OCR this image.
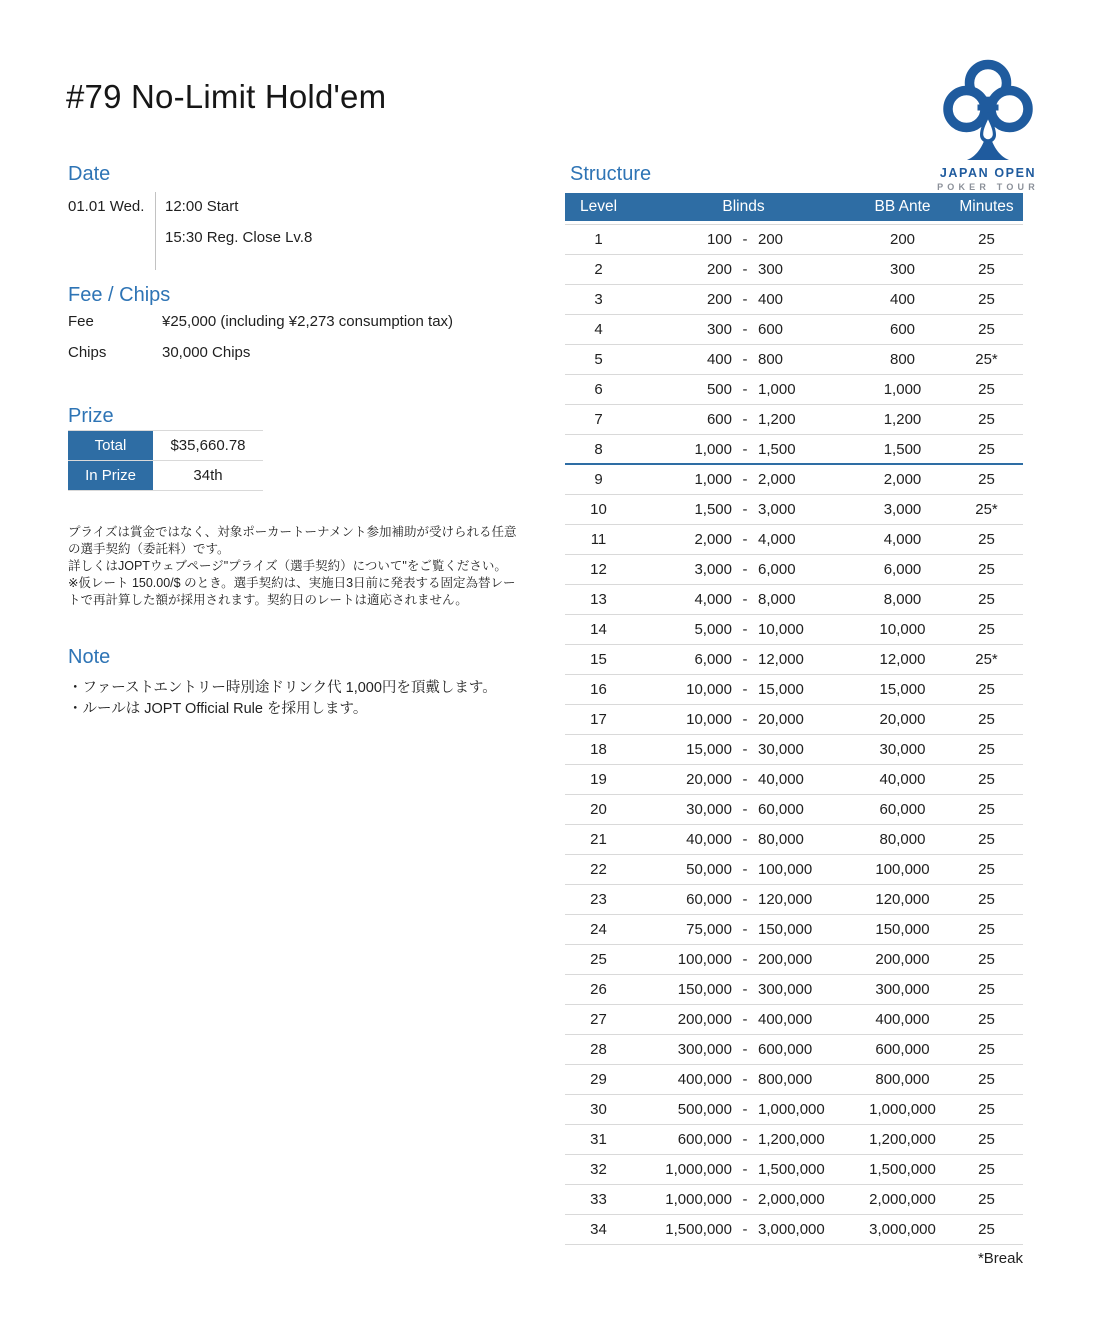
#79 No-Limit Hold'em
JAPAN OPEN
POKER TOUR
Date
01.01 Wed.	12:00 Start
15:30 Reg. Close Lv.8
Fee / Chips
Fee	¥25,000 (including ¥2,273 consumption tax)
Chips	30,000 Chips
Prize
Total	$35,660.78
In Prize	34th

プライズは賞金ではなく、対象ポーカートーナメント参加補助が受けられる任意の選手契約（委託料）です。

詳しくはJOPTウェブページ"プライズ（選手契約）について"をご覧ください。

※仮レート 150.00/$ のとき。選手契約は、実施日3日前に発表する固定為替レートで再計算した額が採用されます。契約日のレートは適応されません。

Note
・ファーストエントリー時別途ドリンク代 1,000円を頂戴します。
・ルールは JOPT Official Rule を採用します。
Structure
Level	Blinds	BB Ante	Minutes
1	100 - 200	200	25
2	200 - 300	300	25
3	200 - 400	400	25
4	300 - 600	600	25
5	400 - 800	800	25*
6	500 - 1,000	1,000	25
7	600 - 1,200	1,200	25
8	1,000 - 1,500	1,500	25
9	1,000 - 2,000	2,000	25
10	1,500 - 3,000	3,000	25*
11	2,000 - 4,000	4,000	25
12	3,000 - 6,000	6,000	25
13	4,000 - 8,000	8,000	25
14	5,000 - 10,000	10,000	25
15	6,000 - 12,000	12,000	25*
16	10,000 - 15,000	15,000	25
17	10,000 - 20,000	20,000	25
18	15,000 - 30,000	30,000	25
19	20,000 - 40,000	40,000	25
20	30,000 - 60,000	60,000	25
21	40,000 - 80,000	80,000	25
22	50,000 - 100,000	100,000	25
23	60,000 - 120,000	120,000	25
24	75,000 - 150,000	150,000	25
25	100,000 - 200,000	200,000	25
26	150,000 - 300,000	300,000	25
27	200,000 - 400,000	400,000	25
28	300,000 - 600,000	600,000	25
29	400,000 - 800,000	800,000	25
30	500,000 - 1,000,000	1,000,000	25
31	600,000 - 1,200,000	1,200,000	25
32	1,000,000 - 1,500,000	1,500,000	25
33	1,000,000 - 2,000,000	2,000,000	25
34	1,500,000 - 3,000,000	3,000,000	25
*Break
